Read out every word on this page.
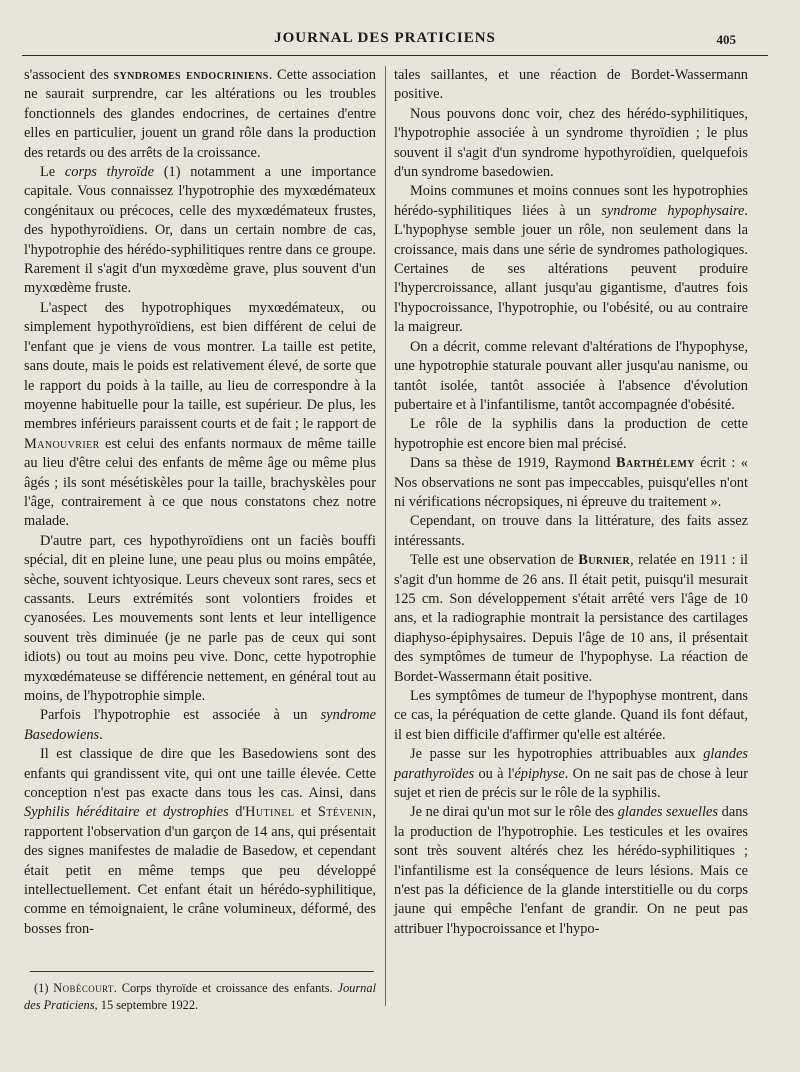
JOURNAL DES PRATICIENS	405

s'associent des syndromes endocriniens. Cette association ne saurait surprendre, car les altérations ou les troubles fonctionnels des glandes endocrines, de certaines d'entre elles en particulier, jouent un grand rôle dans la production des retards ou des arrêts de la croissance.

Le corps thyroïde (1) notamment a une importance capitale. Vous connaissez l'hypotrophie des myxœdémateux congénitaux ou précoces, celle des myxœdémateux frustes, des hypothyroïdiens. Or, dans un certain nombre de cas, l'hypotrophie des hérédo-syphilitiques rentre dans ce groupe. Rarement il s'agit d'un myxœdème grave, plus souvent d'un myxœdème fruste.

L'aspect des hypotrophiques myxœdémateux, ou simplement hypothyroïdiens, est bien différent de celui de l'enfant que je viens de vous montrer. La taille est petite, sans doute, mais le poids est relativement élevé, de sorte que le rapport du poids à la taille, au lieu de correspondre à la moyenne habituelle pour la taille, est supérieur. De plus, les membres inférieurs paraissent courts et de fait ; le rapport de Manouvrier est celui des enfants normaux de même taille au lieu d'être celui des enfants de même âge ou même plus âgés ; ils sont mésétiskèles pour la taille, brachyskèles pour l'âge, contrairement à ce que nous constatons chez notre malade.

D'autre part, ces hypothyroïdiens ont un faciès bouffi spécial, dit en pleine lune, une peau plus ou moins empâtée, sèche, souvent ichtyosique. Leurs cheveux sont rares, secs et cassants. Leurs extrémités sont volontiers froides et cyanosées. Les mouvements sont lents et leur intelligence souvent très diminuée (je ne parle pas de ceux qui sont idiots) ou tout au moins peu vive. Donc, cette hypotrophie myxœdémateuse se différencie nettement, en général tout au moins, de l'hypotrophie simple.

Parfois l'hypotrophie est associée à un syndrome Basedowiens.

Il est classique de dire que les Basedowiens sont des enfants qui grandissent vite, qui ont une taille élevée. Cette conception n'est pas exacte dans tous les cas. Ainsi, dans Syphilis héréditaire et dystrophies d'Hutinel et Stévenin, rapportent l'observation d'un garçon de 14 ans, qui présentait des signes manifestes de maladie de Basedow, et cependant était petit en même temps que peu développé intellectuellement. Cet enfant était un hérédo-syphilitique, comme en témoignaient, le crâne volumineux, déformé, des bosses fron-

(1) Nobécourt. Corps thyroïde et croissance des enfants. Journal des Praticiens, 15 septembre 1922.

tales saillantes, et une réaction de Bordet-Wassermann positive.

Nous pouvons donc voir, chez des hérédo-syphilitiques, l'hypotrophie associée à un syndrome thyroïdien ; le plus souvent il s'agit d'un syndrome hypothyroïdien, quelquefois d'un syndrome basedowien.

Moins communes et moins connues sont les hypotrophies hérédo-syphilitiques liées à un syndrome hypophysaire. L'hypophyse semble jouer un rôle, non seulement dans la croissance, mais dans une série de syndromes pathologiques. Certaines de ses altérations peuvent produire l'hypercroissance, allant jusqu'au gigantisme, d'autres fois l'hypocroissance, l'hypotrophie, ou l'obésité, ou au contraire la maigreur.

On a décrit, comme relevant d'altérations de l'hypophyse, une hypotrophie staturale pouvant aller jusqu'au nanisme, ou tantôt isolée, tantôt associée à l'absence d'évolution pubertaire et à l'infantilisme, tantôt accompagnée d'obésité.

Le rôle de la syphilis dans la production de cette hypotrophie est encore bien mal précisé.

Dans sa thèse de 1919, Raymond Barthélemy écrit : « Nos observations ne sont pas impeccables, puisqu'elles n'ont ni vérifications nécropsiques, ni épreuve du traitement ».

Cependant, on trouve dans la littérature, des faits assez intéressants.

Telle est une observation de Burnier, relatée en 1911 : il s'agit d'un homme de 26 ans. Il était petit, puisqu'il mesurait 125 cm. Son développement s'était arrêté vers l'âge de 10 ans, et la radiographie montrait la persistance des cartilages diaphyso-épiphysaires. Depuis l'âge de 10 ans, il présentait des symptômes de tumeur de l'hypophyse. La réaction de Bordet-Wassermann était positive.

Les symptômes de tumeur de l'hypophyse montrent, dans ce cas, la péréquation de cette glande. Quand ils font défaut, il est bien difficile d'affirmer qu'elle est altérée.

Je passe sur les hypotrophies attribuables aux glandes parathyroïdes ou à l'épiphyse. On ne sait pas de chose à leur sujet et rien de précis sur le rôle de la syphilis.

Je ne dirai qu'un mot sur le rôle des glandes sexuelles dans la production de l'hypotrophie. Les testicules et les ovaires sont très souvent altérés chez les hérédo-syphilitiques ; l'infantilisme est la conséquence de leurs lésions. Mais ce n'est pas la déficience de la glande interstitielle ou du corps jaune qui empêche l'enfant de grandir. On ne peut pas attribuer l'hypocroissance et l'hypo-
